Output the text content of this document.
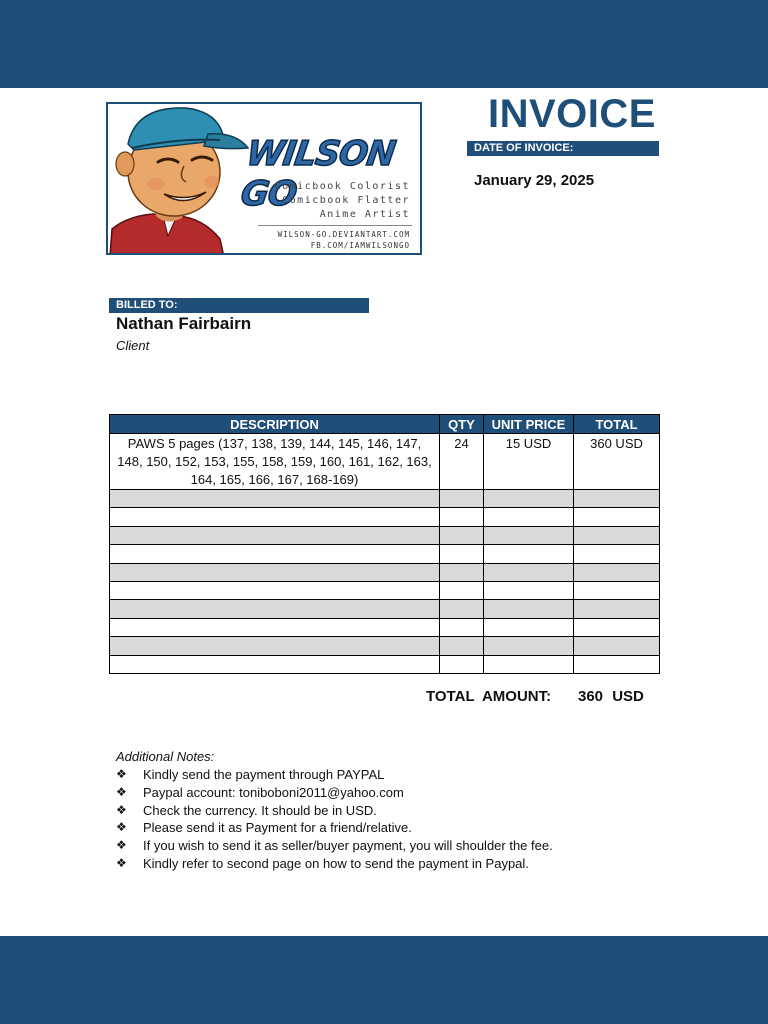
WILSON GO
Comicbook Colorist
Comicbook Flatter
Anime Artist
WILSON-GO.DEVIANTART.COM
FB.COM/IAMWILSONGO
INVOICE
DATE OF INVOICE:
January 29, 2025
BILLED TO:
Nathan Fairbairn
Client
DESCRIPTION	QTY	UNIT PRICE	TOTAL
PAWS 5 pages (137, 138, 139, 144, 145, 146, 147, 148, 150, 152, 153, 155, 158, 159, 160, 161, 162, 163, 164, 165, 166, 167, 168-169)	24	15 USD	360 USD

TOTAL AMOUNT: 360 USD
Additional Notes:
❖ Kindly send the payment through PAYPAL
❖ Paypal account: toniboboni2011@yahoo.com
❖ Check the currency. It should be in USD.
❖ Please send it as Payment for a friend/relative.
❖ If you wish to send it as seller/buyer payment, you will shoulder the fee.
❖ Kindly refer to second page on how to send the payment in Paypal.
